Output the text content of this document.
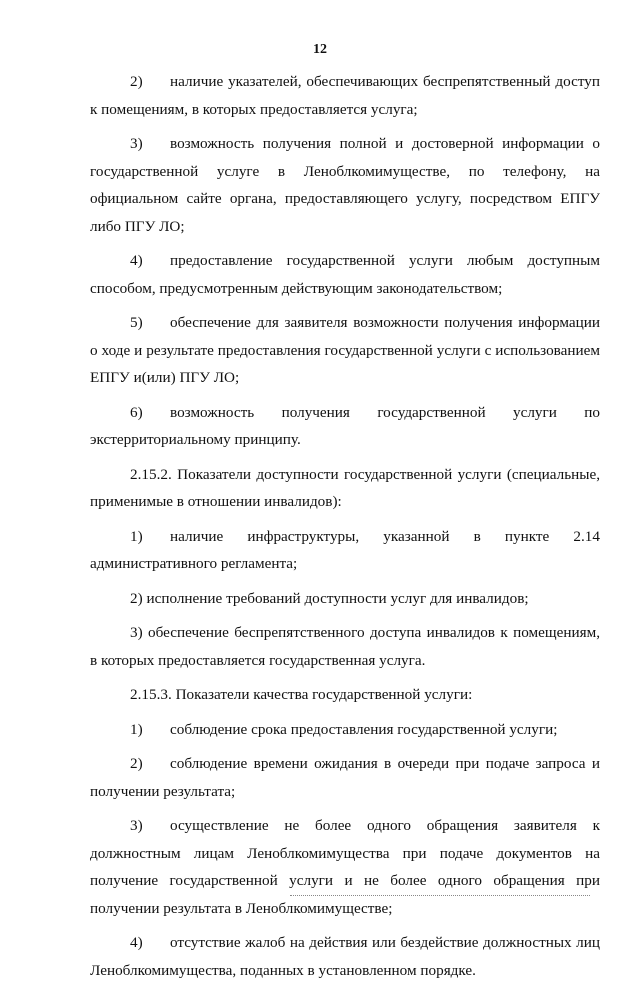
12

2) наличие указателей, обеспечивающих беспрепятственный доступ к помещениям, в которых предоставляется услуга;

3) возможность получения полной и достоверной информации о государственной услуге в Леноблкомимуществе, по телефону, на официальном сайте органа, предоставляющего услугу, посредством ЕПГУ либо ПГУ ЛО;

4) предоставление государственной услуги любым доступным способом, предусмотренным действующим законодательством;

5) обеспечение для заявителя возможности получения информации о ходе и результате предоставления государственной услуги с использованием ЕПГУ и(или) ПГУ ЛО;

6) возможность получения государственной услуги по экстерриториальному принципу.

2.15.2. Показатели доступности государственной услуги (специальные, применимые в отношении инвалидов):

1) наличие инфраструктуры, указанной в пункте 2.14 административного регламента;

2) исполнение требований доступности услуг для инвалидов;

3) обеспечение беспрепятственного доступа инвалидов к помещениям, в которых предоставляется государственная услуга.

2.15.3. Показатели качества государственной услуги:

1) соблюдение срока предоставления государственной услуги;

2) соблюдение времени ожидания в очереди при подаче запроса и получении результата;

3) осуществление не более одного обращения заявителя к должностным лицам Леноблкомимущества при подаче документов на получение государственной услуги и не более одного обращения при получении результата в Леноблкомимуществе;

4) отсутствие жалоб на действия или бездействие должностных лиц Леноблкомимущества, поданных в установленном порядке.
